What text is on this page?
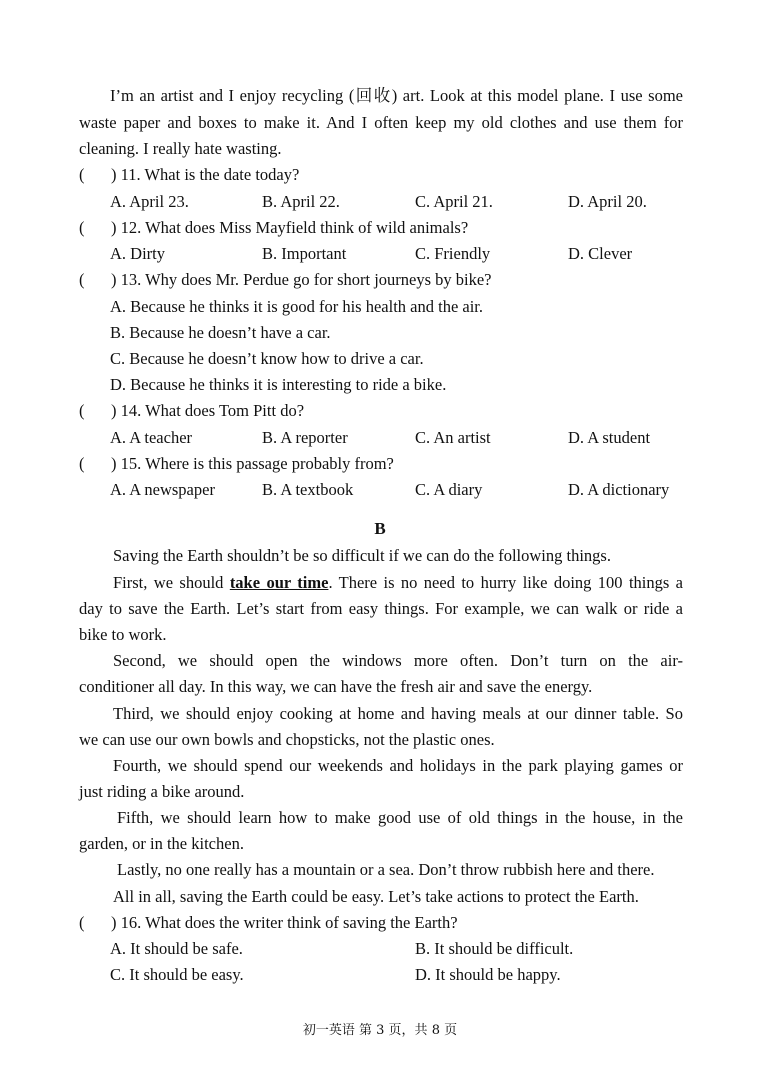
I’m an artist and I enjoy recycling (回收) art. Look at this model plane. I use some
waste paper and boxes to make it. And I often keep my old clothes and use them for
cleaning. I really hate wasting.
( ) 11. What is the date today?
A. April 23.	B. April 22.	C. April 21.	D. April 20.
( ) 12. What does Miss Mayfield think of wild animals?
A. Dirty	B. Important	C. Friendly	D. Clever
( ) 13. Why does Mr. Perdue go for short journeys by bike?
A. Because he thinks it is good for his health and the air.
B. Because he doesn’t have a car.
C. Because he doesn’t know how to drive a car.
D. Because he thinks it is interesting to ride a bike.
( ) 14. What does Tom Pitt do?
A. A teacher	B. A reporter	C. An artist	D. A student
( ) 15. Where is this passage probably from?
A. A newspaper	B. A textbook	C. A diary	D. A dictionary
B
Saving the Earth shouldn’t be so difficult if we can do the following things.
First, we should take our time. There is no need to hurry like doing 100 things a
day to save the Earth. Let’s start from easy things. For example, we can walk or ride a
bike to work.
Second, we should open the windows more often. Don’t turn on the air-
conditioner all day. In this way, we can have the fresh air and save the energy.
Third, we should enjoy cooking at home and having meals at our dinner table. So
we can use our own bowls and chopsticks, not the plastic ones.
Fourth, we should spend our weekends and holidays in the park playing games or
just riding a bike around.
Fifth, we should learn how to make good use of old things in the house, in the
garden, or in the kitchen.
Lastly, no one really has a mountain or a sea. Don’t throw rubbish here and there.
All in all, saving the Earth could be easy. Let’s take actions to protect the Earth.
( ) 16. What does the writer think of saving the Earth?
A. It should be safe.	B. It should be difficult.
C. It should be easy.	D. It should be happy.
初一英语 第 3 页，共 8 页
